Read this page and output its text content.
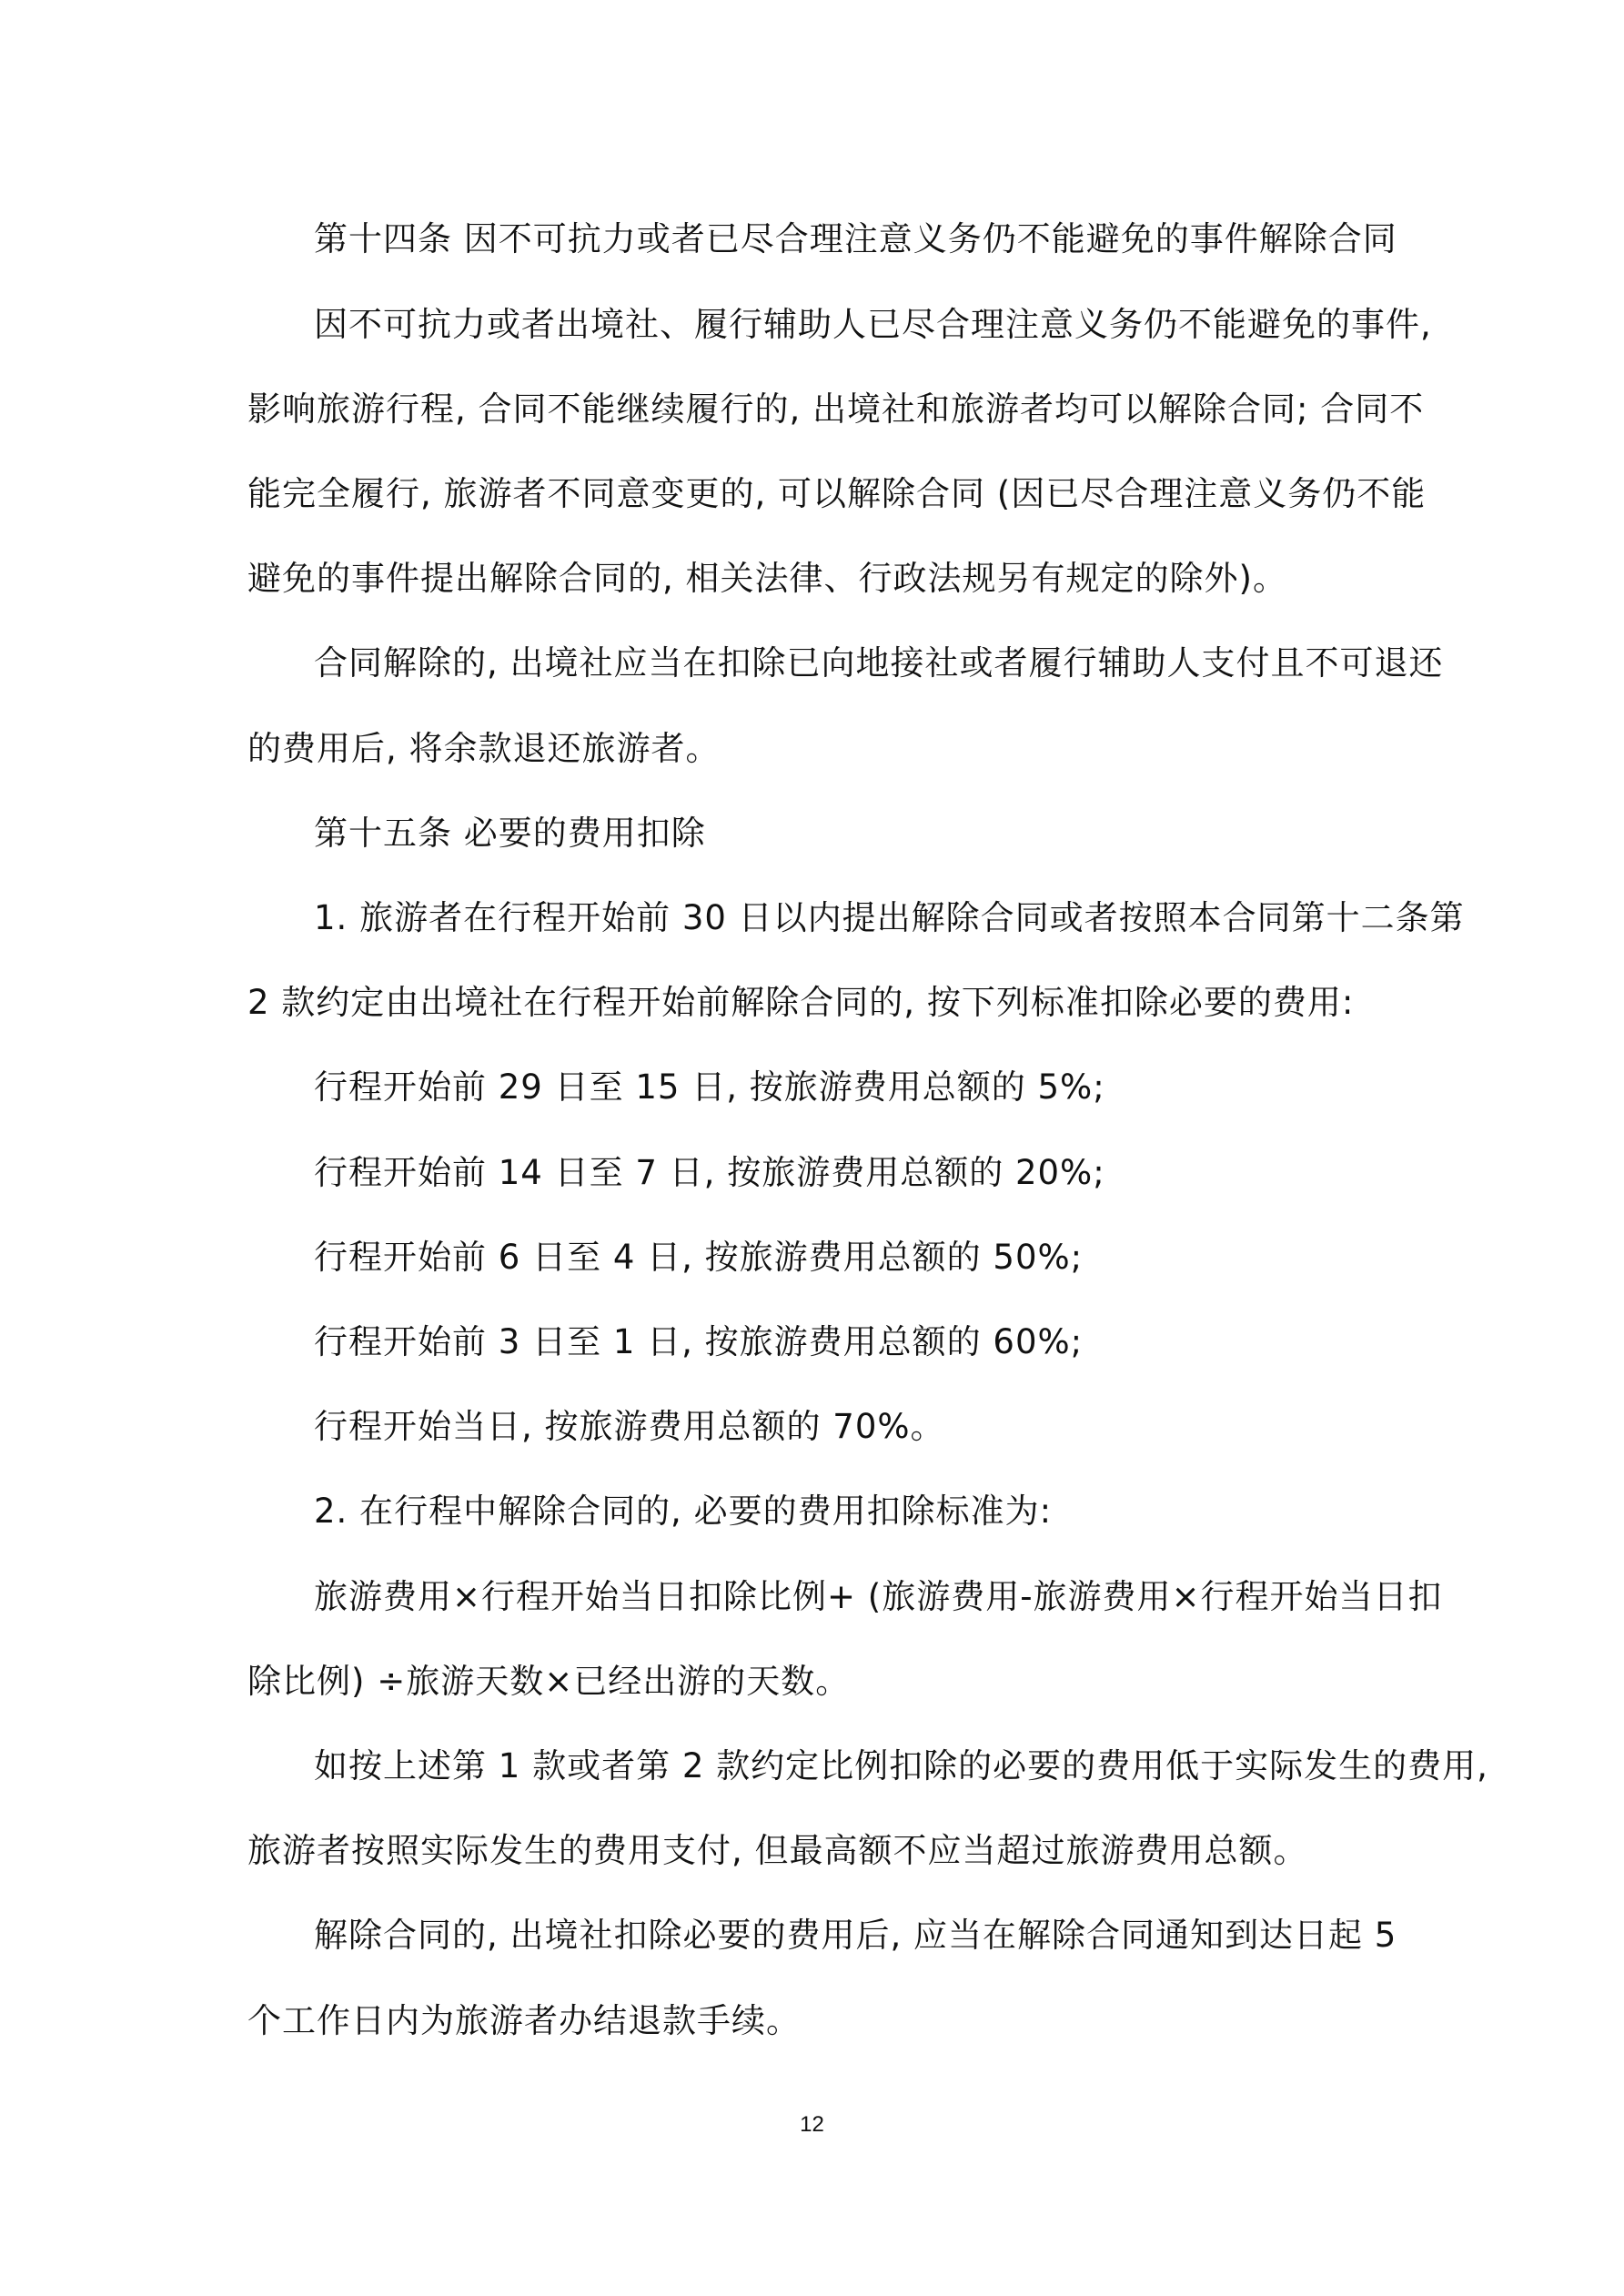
第十四条 因不可抗力或者已尽合理注意义务仍不能避免的事件解除合同
因不可抗力或者出境社、履行辅助人已尽合理注意义务仍不能避免的事件,
影响旅游行程, 合同不能继续履行的, 出境社和旅游者均可以解除合同; 合同不
能完全履行, 旅游者不同意变更的, 可以解除合同 (因已尽合理注意义务仍不能
避免的事件提出解除合同的, 相关法律、行政法规另有规定的除外)。
合同解除的, 出境社应当在扣除已向地接社或者履行辅助人支付且不可退还
的费用后, 将余款退还旅游者。
第十五条 必要的费用扣除
1. 旅游者在行程开始前 30 日以内提出解除合同或者按照本合同第十二条第
2 款约定由出境社在行程开始前解除合同的, 按下列标准扣除必要的费用:
行程开始前 29 日至 15 日, 按旅游费用总额的 5%;
行程开始前 14 日至 7 日, 按旅游费用总额的 20%;
行程开始前 6 日至 4 日, 按旅游费用总额的 50%;
行程开始前 3 日至 1 日, 按旅游费用总额的 60%;
行程开始当日, 按旅游费用总额的 70%。
2. 在行程中解除合同的, 必要的费用扣除标准为:
旅游费用×行程开始当日扣除比例+ (旅游费用-旅游费用×行程开始当日扣
除比例) ÷旅游天数×已经出游的天数。
如按上述第 1 款或者第 2 款约定比例扣除的必要的费用低于实际发生的费用,
旅游者按照实际发生的费用支付, 但最高额不应当超过旅游费用总额。
解除合同的, 出境社扣除必要的费用后, 应当在解除合同通知到达日起 5
个工作日内为旅游者办结退款手续。
12
